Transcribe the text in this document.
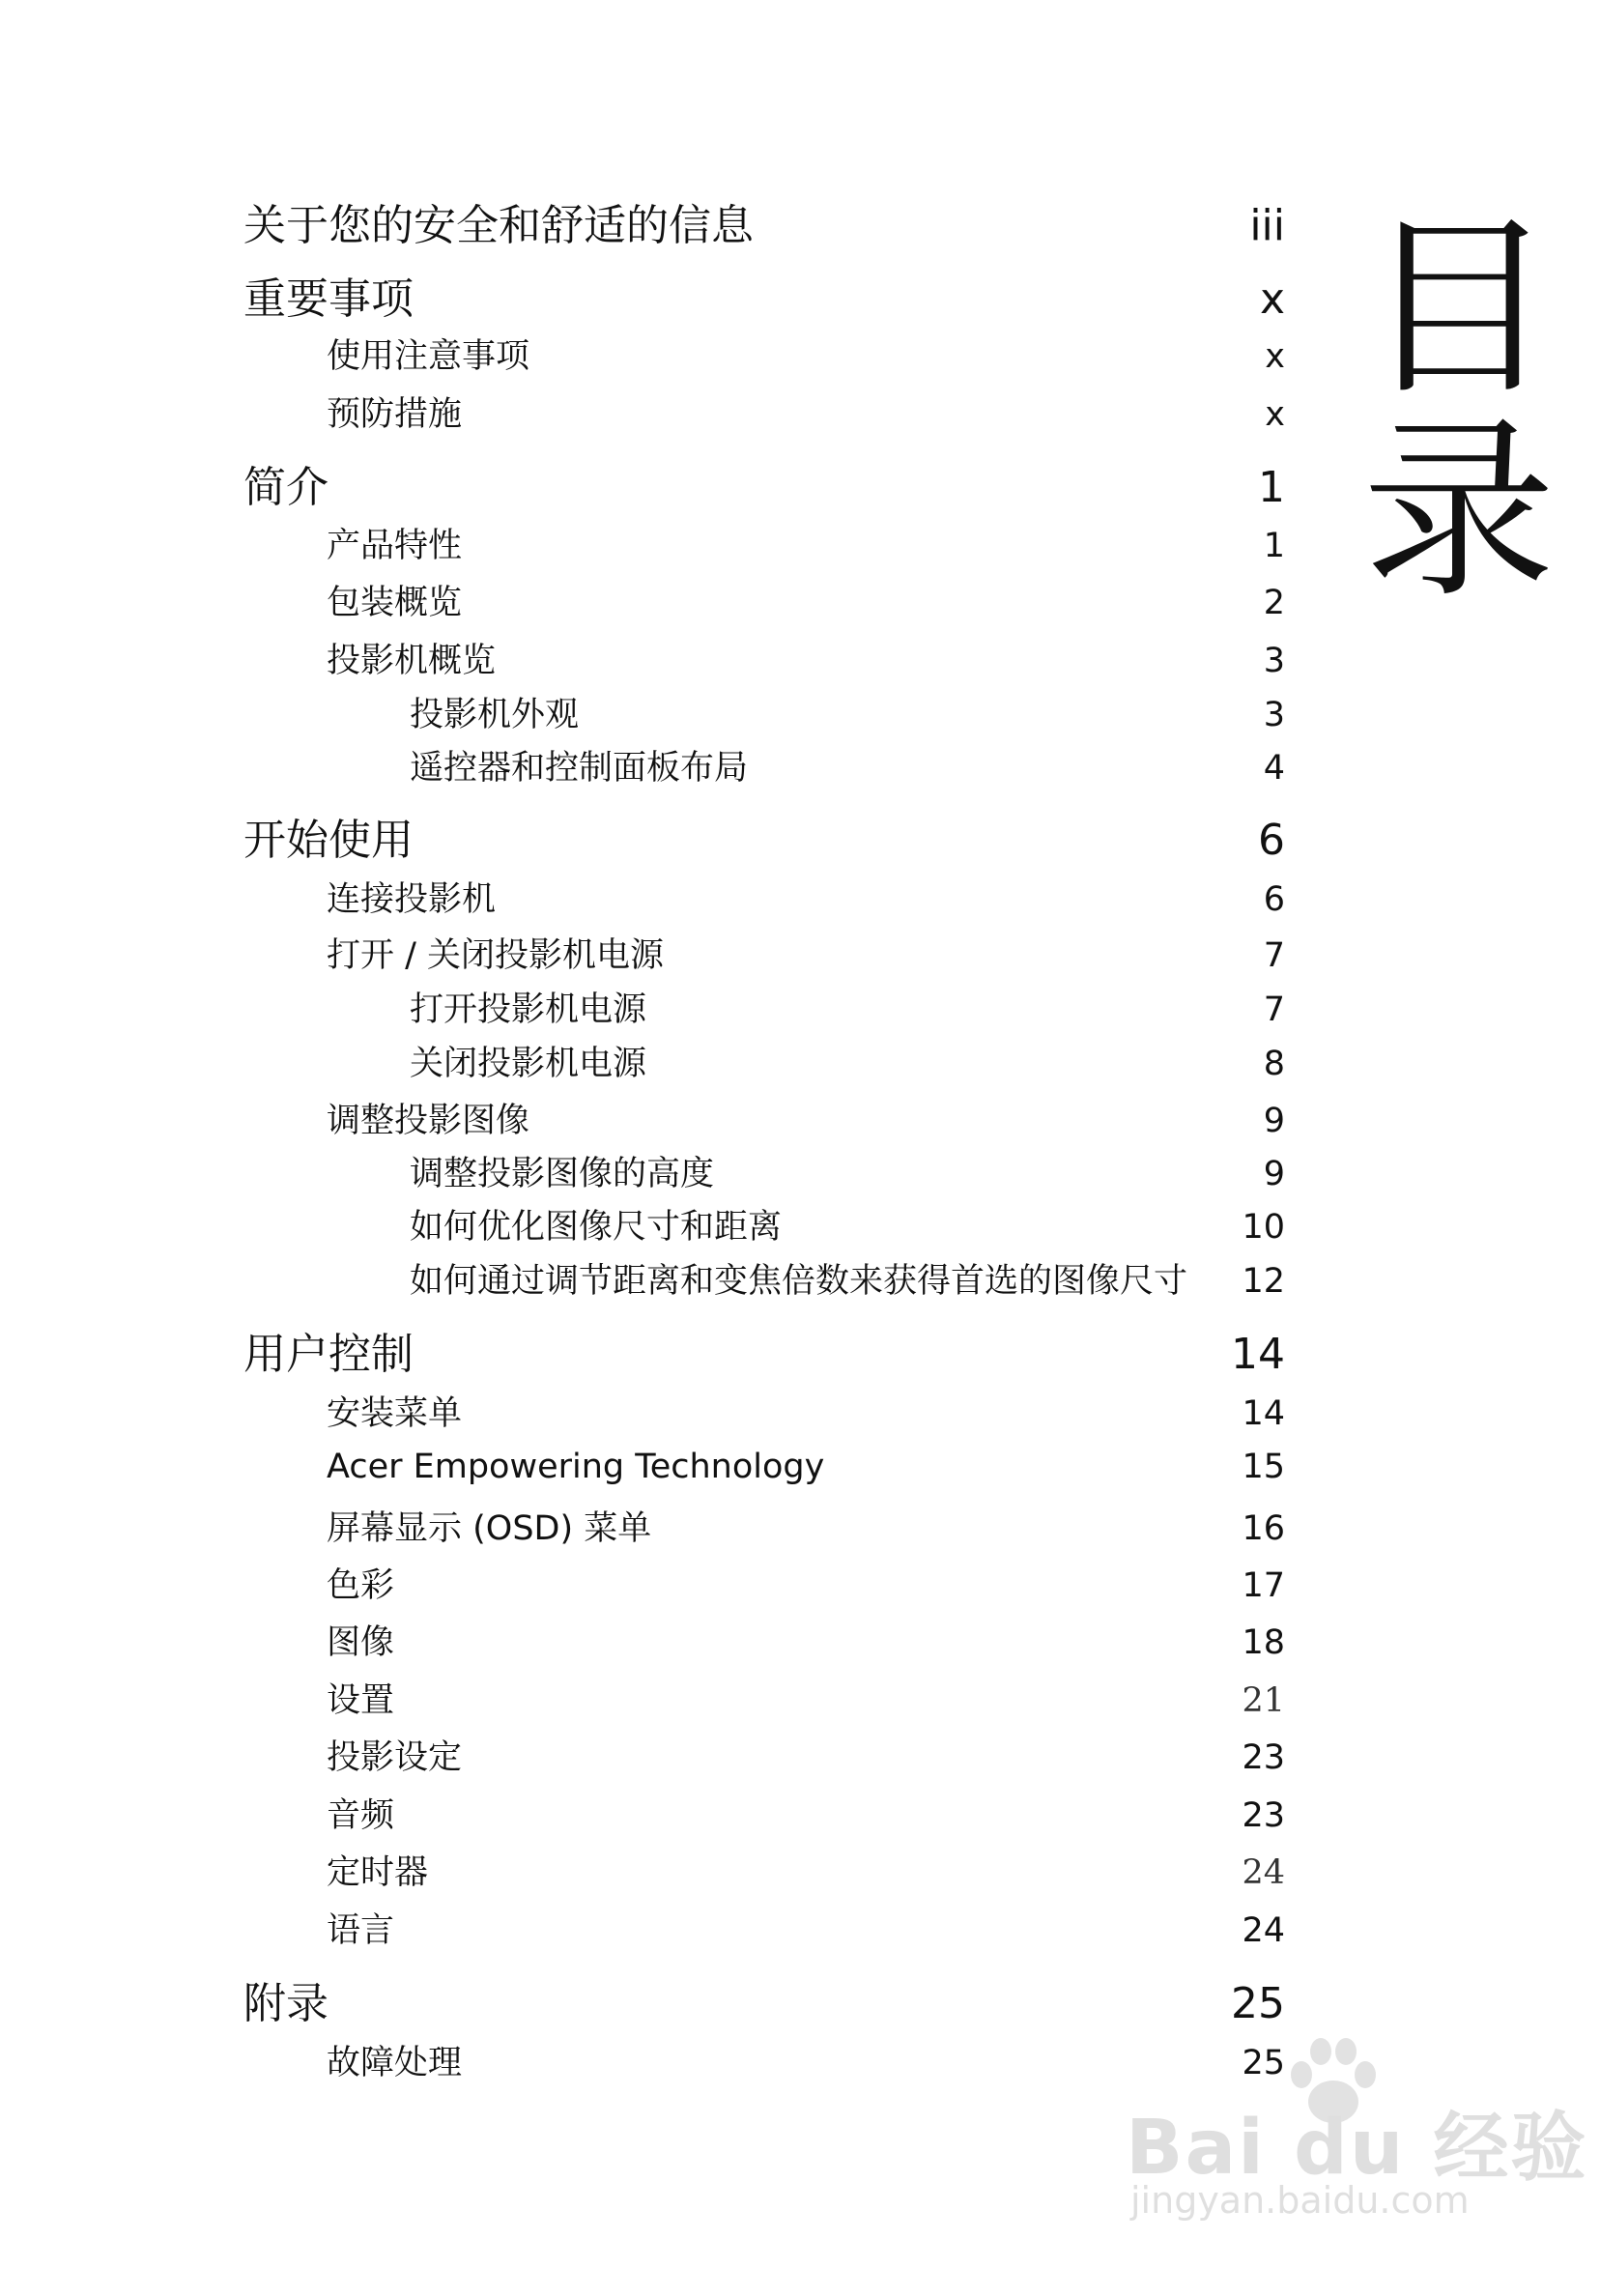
关于您的安全和舒适的信息	iii
重要事项	x
使用注意事项	x
预防措施	x
简介	1
产品特性	1
包装概览	2
投影机概览	3
投影机外观	3
遥控器和控制面板布局	4
开始使用	6
连接投影机	6
打开 / 关闭投影机电源	7
打开投影机电源	7
关闭投影机电源	8
调整投影图像	9
调整投影图像的高度	9
如何优化图像尺寸和距离	10
如何通过调节距离和变焦倍数来获得首选的图像尺寸 12
用户控制	14
安装菜单	14
Acer Empowering Technology	15
屏幕显示 (OSD) 菜单	16
色彩	17
图像	18
设置	21
投影设定	23
音频	23
定时器	24
语言	24
附录	25
故障处理	25
目
录
Bai du 经验
jingyan.baidu.com
